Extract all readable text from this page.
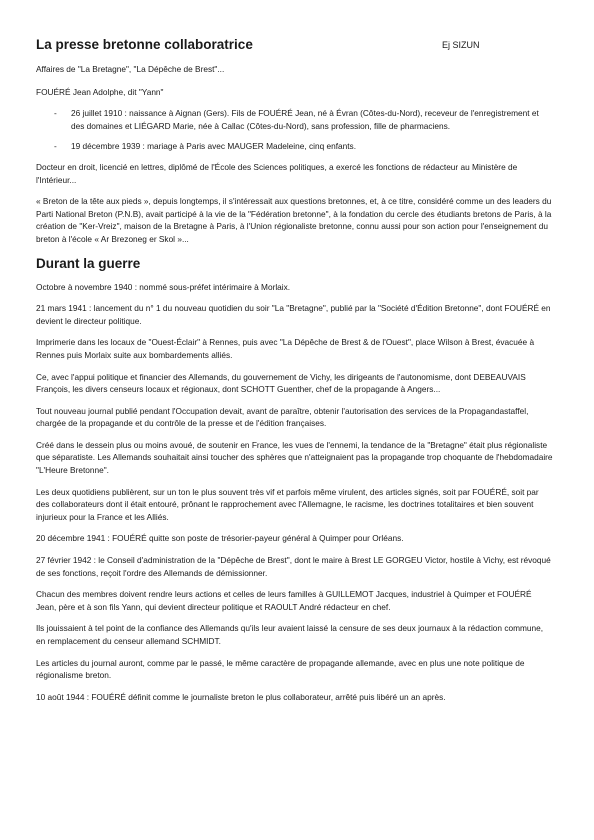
La presse bretonne collaboratrice	Ej SIZUN

Affaires de "La Bretagne", "La Dépêche de Brest"...

FOUÉRÉ Jean Adolphe, dit "Yann"

- 26 juillet 1910 : naissance à Aignan (Gers). Fils de FOUÉRÉ Jean, né à Évran (Côtes-du-Nord), receveur de l'enregistrement et des domaines et LIÉGARD Marie, née à Callac (Côtes-du-Nord), sans profession, fille de pharmaciens.
- 19 décembre 1939 : mariage à Paris avec MAUGER Madeleine, cinq enfants.

Docteur en droit, licencié en lettres, diplômé de l'École des Sciences politiques, a exercé les fonctions de rédacteur au Ministère de l'Intérieur...

« Breton de la tête aux pieds », depuis longtemps, il s'intéressait aux questions bretonnes, et, à ce titre, considéré comme un des leaders du Parti National Breton (P.N.B), avait participé à la vie de la "Fédération bretonne", à la fondation du cercle des étudiants bretons de Paris, à la création de "Ker-Vreiz", maison de la Bretagne à Paris, à l'Union régionaliste bretonne, connu aussi pour son action pour l'enseignement du breton à l'école « Ar Brezoneg er Skol »...

Durant la guerre

Octobre à novembre 1940 : nommé sous-préfet intérimaire à Morlaix.

21 mars 1941 : lancement du n° 1 du nouveau quotidien du soir "La "Bretagne", publié par la "Société d'Édition Bretonne", dont FOUÉRÉ en devient le directeur politique.

Imprimerie dans les locaux de "Ouest-Éclair" à Rennes, puis avec "La Dépêche de Brest & de l'Ouest", place Wilson à Brest, évacuée à Rennes puis Morlaix suite aux bombardements alliés.

Ce, avec l'appui politique et financier des Allemands, du gouvernement de Vichy, les dirigeants de l'autonomisme, dont DEBEAUVAIS François, les divers censeurs locaux et régionaux, dont SCHOTT Guenther, chef de la propagande à Angers...

Tout nouveau journal publié pendant l'Occupation devait, avant de paraître, obtenir l'autorisation des services de la Propagandastaffel, chargée de la propagande et du contrôle de la presse et de l'édition françaises.

Créé dans le dessein plus ou moins avoué, de soutenir en France, les vues de l'ennemi, la tendance de la "Bretagne" était plus régionaliste que séparatiste. Les Allemands souhaitait ainsi toucher des sphères que n'atteignaient pas la propagande trop choquante de l'hebdomadaire "L'Heure Bretonne".

Les deux quotidiens publièrent, sur un ton le plus souvent très vif et parfois même virulent, des articles signés, soit par FOUÉRÉ, soit par des collaborateurs dont il était entouré, prônant le rapprochement avec l'Allemagne, le racisme, les doctrines totalitaires et bien souvent injurieux pour la France et les Alliés.

20 décembre 1941 : FOUÉRÉ quitte son poste de trésorier-payeur général à Quimper pour Orléans.

27 février 1942 : le Conseil d'administration de la "Dépêche de Brest", dont le maire à Brest LE GORGEU Victor, hostile à Vichy, est révoqué de ses fonctions, reçoit l'ordre des Allemands de démissionner.

Chacun des membres doivent rendre leurs actions et celles de leurs familles à GUILLEMOT Jacques, industriel à Quimper et FOUÉRÉ Jean, père et à son fils Yann, qui devient directeur politique et RAOULT André rédacteur en chef.

Ils jouissaient à tel point de la confiance des Allemands qu'ils leur avaient laissé la censure de ses deux journaux à la rédaction commune, en remplacement du censeur allemand SCHMIDT.

Les articles du journal auront, comme par le passé, le même caractère de propagande allemande, avec en plus une note politique de régionalisme breton.

10 août 1944 : FOUÉRÉ définit comme le journaliste breton le plus collaborateur, arrêté puis libéré un an après.
